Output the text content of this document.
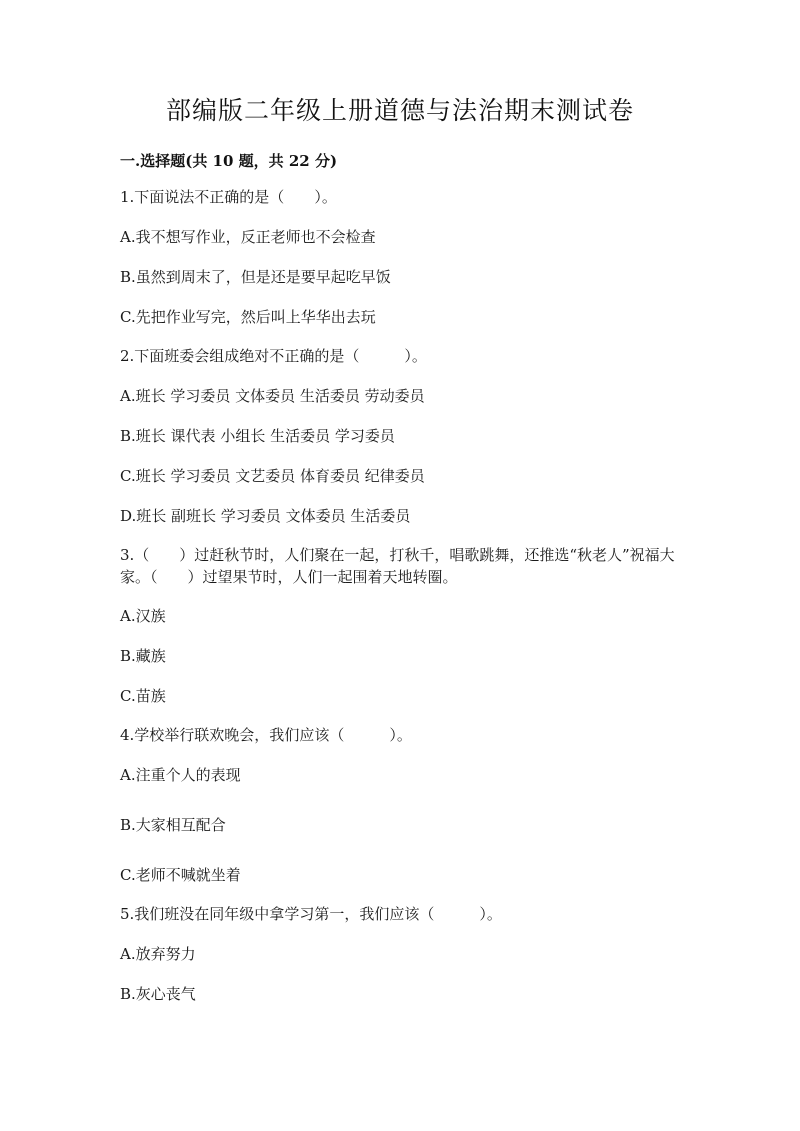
部编版二年级上册道德与法治期末测试卷
一.选择题(共 10 题，共 22 分)
1.下面说法不正确的是（　　）。
A.我不想写作业，反正老师也不会检查
B.虽然到周末了，但是还是要早起吃早饭
C.先把作业写完，然后叫上华华出去玩
2.下面班委会组成绝对不正确的是（　　　）。
A.班长 学习委员 文体委员 生活委员 劳动委员
B.班长 课代表 小组长 生活委员 学习委员
C.班长 学习委员 文艺委员 体育委员 纪律委员
D.班长 副班长 学习委员 文体委员 生活委员
3.（　　）过赶秋节时，人们聚在一起，打秋千，唱歌跳舞，还推选“秋老人”祝福大家。（　　）过望果节时，人们一起围着天地转圈。
A.汉族
B.藏族
C.苗族
4.学校举行联欢晚会，我们应该（　　　）。
A.注重个人的表现
B.大家相互配合
C.老师不喊就坐着
5.我们班没在同年级中拿学习第一，我们应该（　　　）。
A.放弃努力
B.灰心丧气
